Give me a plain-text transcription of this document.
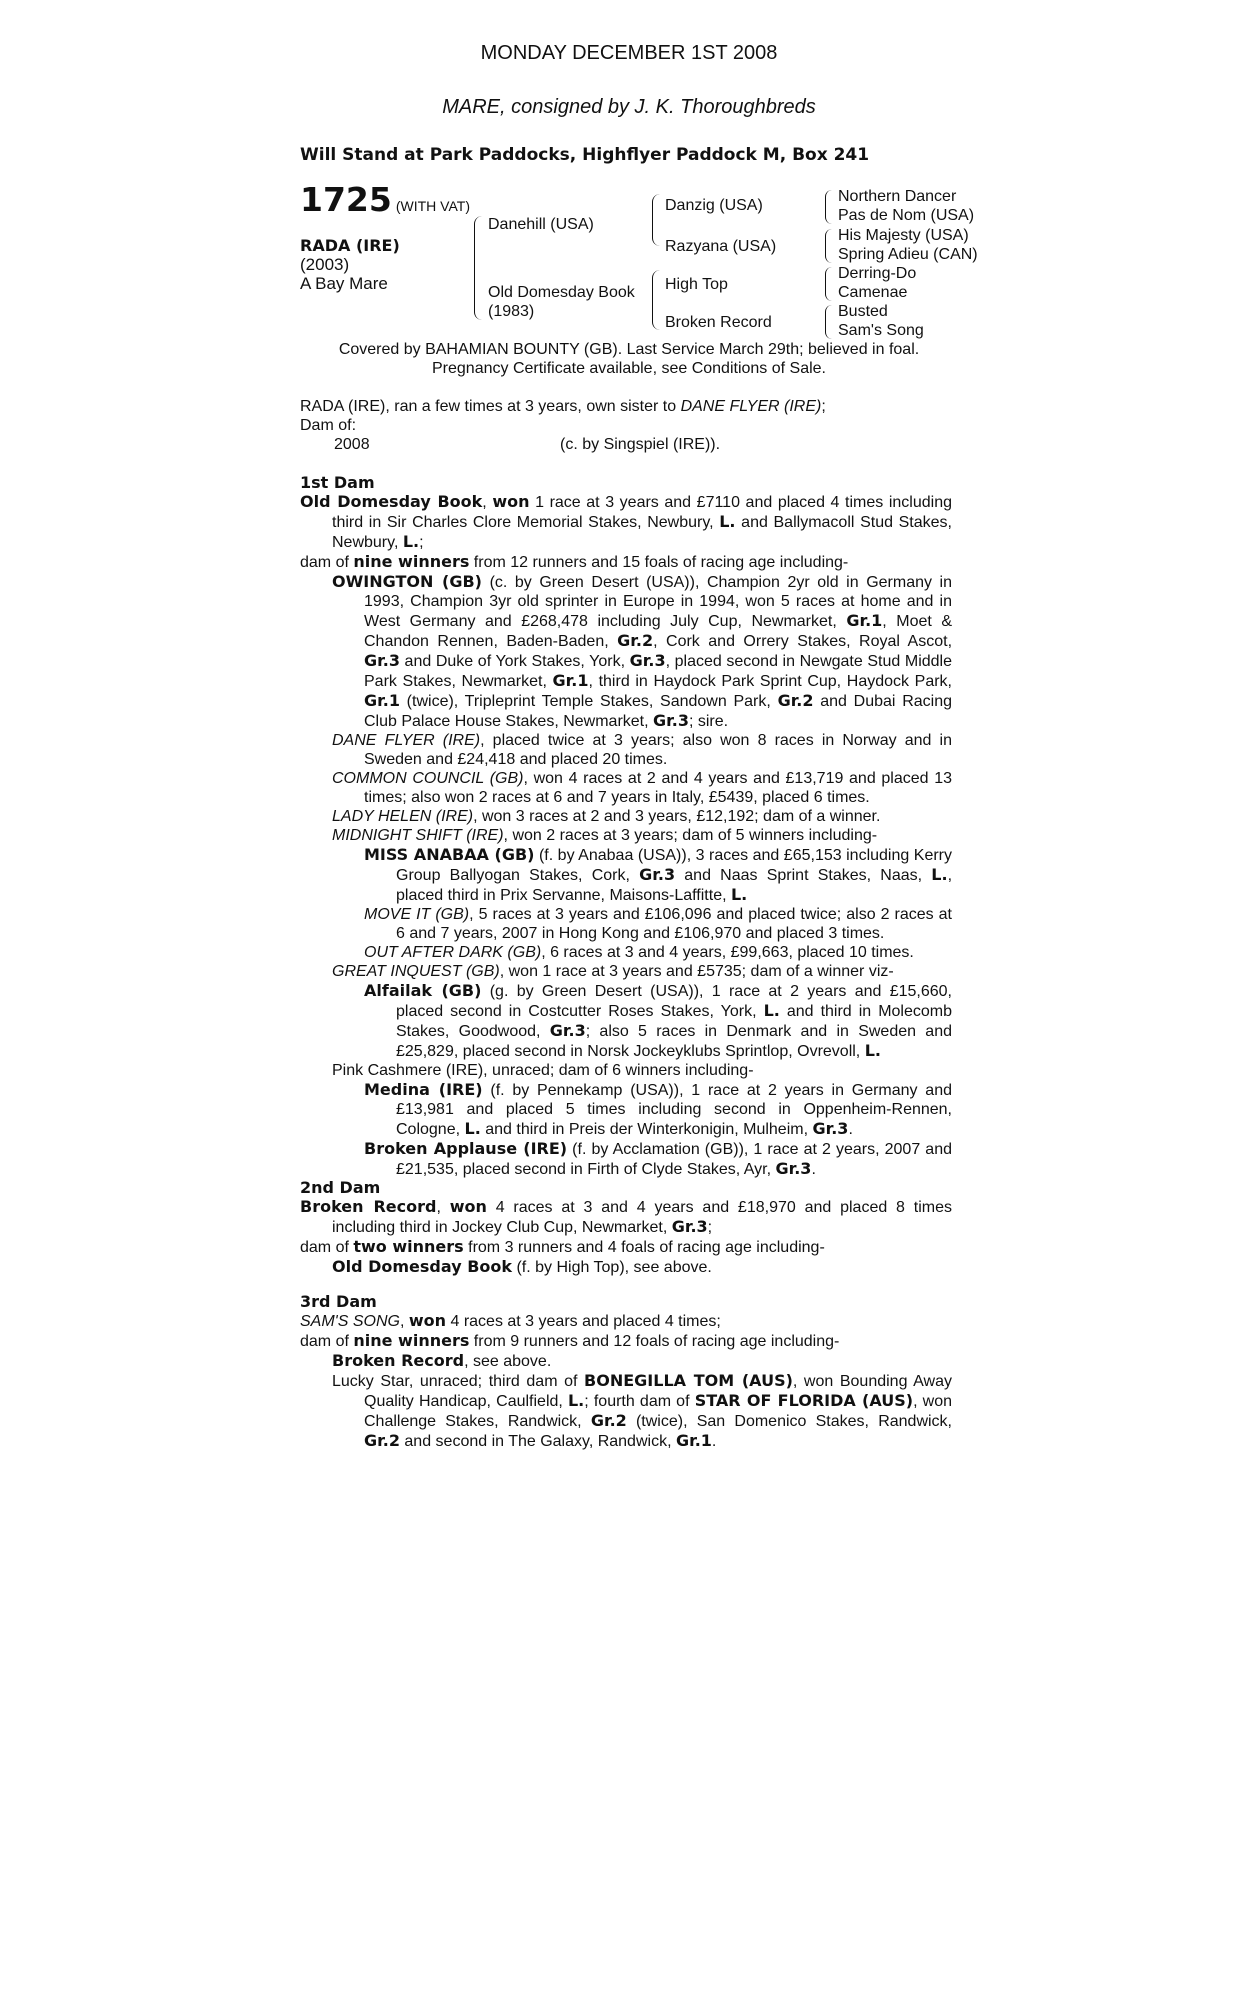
MONDAY DECEMBER 1ST 2008
MARE, consigned by J. K. Thoroughbreds
Will Stand at Park Paddocks, Highflyer Paddock M, Box 241
1725 (WITH VAT)
RADA (IRE)
(2003)
A Bay Mare
Danehill (USA)
Old Domesday Book
(1983)
Danzig (USA)
Razyana (USA)
High Top
Broken Record
Northern Dancer
Pas de Nom (USA)
His Majesty (USA)
Spring Adieu (CAN)
Derring-Do
Camenae
Busted
Sam's Song
Covered by BAHAMIAN BOUNTY (GB). Last Service March 29th; believed in foal.
Pregnancy Certificate available, see Conditions of Sale.
RADA (IRE), ran a few times at 3 years, own sister to DANE FLYER (IRE);
Dam of:
2008	(c. by Singspiel (IRE)).
1st Dam
Old Domesday Book, won 1 race at 3 years and £7110 and placed 4 times including third in Sir Charles Clore Memorial Stakes, Newbury, L. and Ballymacoll Stud Stakes, Newbury, L.;
dam of nine winners from 12 runners and 15 foals of racing age including-
OWINGTON (GB) (c. by Green Desert (USA)), Champion 2yr old in Germany in 1993, Champion 3yr old sprinter in Europe in 1994, won 5 races at home and in West Germany and £268,478 including July Cup, Newmarket, Gr.1, Moet & Chandon Rennen, Baden-Baden, Gr.2, Cork and Orrery Stakes, Royal Ascot, Gr.3 and Duke of York Stakes, York, Gr.3, placed second in Newgate Stud Middle Park Stakes, Newmarket, Gr.1, third in Haydock Park Sprint Cup, Haydock Park, Gr.1 (twice), Tripleprint Temple Stakes, Sandown Park, Gr.2 and Dubai Racing Club Palace House Stakes, Newmarket, Gr.3; sire.
DANE FLYER (IRE), placed twice at 3 years; also won 8 races in Norway and in Sweden and £24,418 and placed 20 times.
COMMON COUNCIL (GB), won 4 races at 2 and 4 years and £13,719 and placed 13 times; also won 2 races at 6 and 7 years in Italy, £5439, placed 6 times.
LADY HELEN (IRE), won 3 races at 2 and 3 years, £12,192; dam of a winner.
MIDNIGHT SHIFT (IRE), won 2 races at 3 years; dam of 5 winners including-
MISS ANABAA (GB) (f. by Anabaa (USA)), 3 races and £65,153 including Kerry Group Ballyogan Stakes, Cork, Gr.3 and Naas Sprint Stakes, Naas, L., placed third in Prix Servanne, Maisons-Laffitte, L.
MOVE IT (GB), 5 races at 3 years and £106,096 and placed twice; also 2 races at 6 and 7 years, 2007 in Hong Kong and £106,970 and placed 3 times.
OUT AFTER DARK (GB), 6 races at 3 and 4 years, £99,663, placed 10 times.
GREAT INQUEST (GB), won 1 race at 3 years and £5735; dam of a winner viz-
Alfailak (GB) (g. by Green Desert (USA)), 1 race at 2 years and £15,660, placed second in Costcutter Roses Stakes, York, L. and third in Molecomb Stakes, Goodwood, Gr.3; also 5 races in Denmark and in Sweden and £25,829, placed second in Norsk Jockeyklubs Sprintlop, Ovrevoll, L.
Pink Cashmere (IRE), unraced; dam of 6 winners including-
Medina (IRE) (f. by Pennekamp (USA)), 1 race at 2 years in Germany and £13,981 and placed 5 times including second in Oppenheim-Rennen, Cologne, L. and third in Preis der Winterkonigin, Mulheim, Gr.3.
Broken Applause (IRE) (f. by Acclamation (GB)), 1 race at 2 years, 2007 and £21,535, placed second in Firth of Clyde Stakes, Ayr, Gr.3.
2nd Dam
Broken Record, won 4 races at 3 and 4 years and £18,970 and placed 8 times including third in Jockey Club Cup, Newmarket, Gr.3;
dam of two winners from 3 runners and 4 foals of racing age including-
Old Domesday Book (f. by High Top), see above.
3rd Dam
SAM'S SONG, won 4 races at 3 years and placed 4 times;
dam of nine winners from 9 runners and 12 foals of racing age including-
Broken Record, see above.
Lucky Star, unraced; third dam of BONEGILLA TOM (AUS), won Bounding Away Quality Handicap, Caulfield, L.; fourth dam of STAR OF FLORIDA (AUS), won Challenge Stakes, Randwick, Gr.2 (twice), San Domenico Stakes, Randwick, Gr.2 and second in The Galaxy, Randwick, Gr.1.
